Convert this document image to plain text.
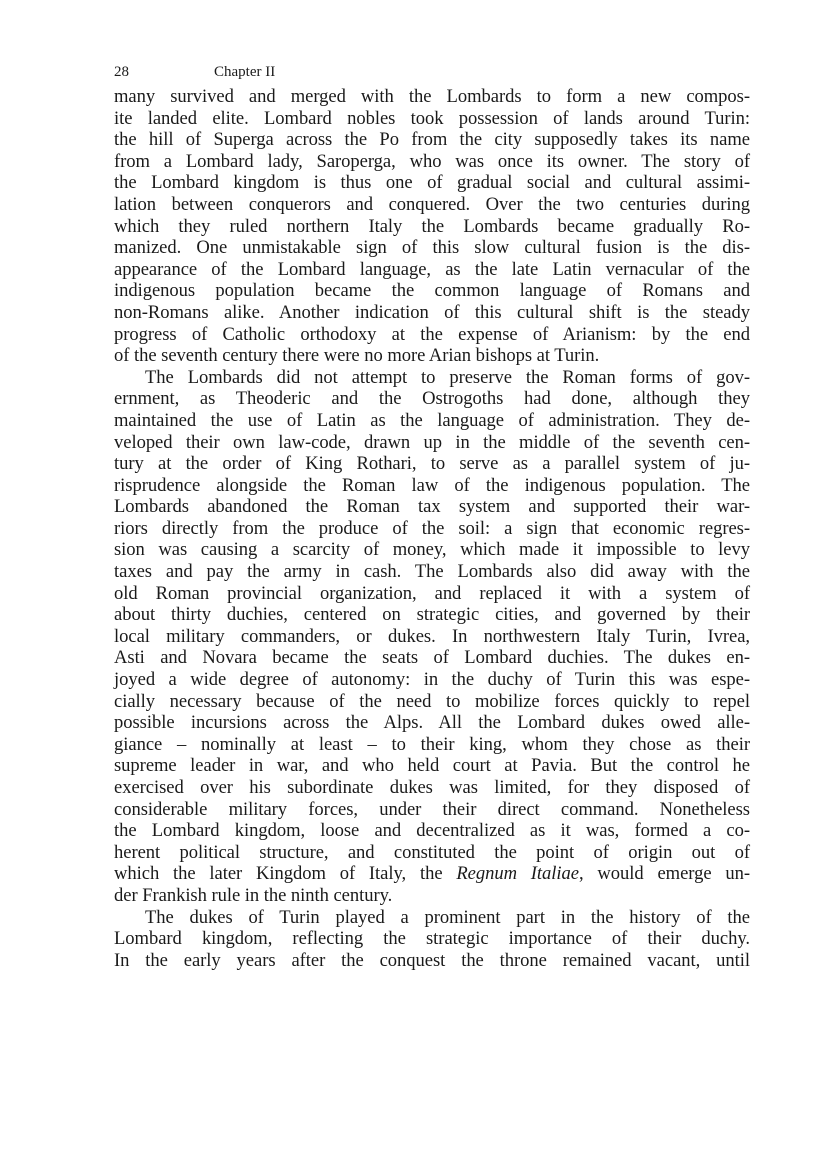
28	Chapter II
many survived and merged with the Lombards to form a new compos-
ite landed elite. Lombard nobles took possession of lands around Turin:
the hill of Superga across the Po from the city supposedly takes its name
from a Lombard lady, Saroperga, who was once its owner. The story of
the Lombard kingdom is thus one of gradual social and cultural assimi-
lation between conquerors and conquered. Over the two centuries during
which they ruled northern Italy the Lombards became gradually Ro-
manized. One unmistakable sign of this slow cultural fusion is the dis-
appearance of the Lombard language, as the late Latin vernacular of the
indigenous population became the common language of Romans and
non-Romans alike. Another indication of this cultural shift is the steady
progress of Catholic orthodoxy at the expense of Arianism: by the end
of the seventh century there were no more Arian bishops at Turin.
The Lombards did not attempt to preserve the Roman forms of gov-
ernment, as Theoderic and the Ostrogoths had done, although they
maintained the use of Latin as the language of administration. They de-
veloped their own law-code, drawn up in the middle of the seventh cen-
tury at the order of King Rothari, to serve as a parallel system of ju-
risprudence alongside the Roman law of the indigenous population. The
Lombards abandoned the Roman tax system and supported their war-
riors directly from the produce of the soil: a sign that economic regres-
sion was causing a scarcity of money, which made it impossible to levy
taxes and pay the army in cash. The Lombards also did away with the
old Roman provincial organization, and replaced it with a system of
about thirty duchies, centered on strategic cities, and governed by their
local military commanders, or dukes. In northwestern Italy Turin, Ivrea,
Asti and Novara became the seats of Lombard duchies. The dukes en-
joyed a wide degree of autonomy: in the duchy of Turin this was espe-
cially necessary because of the need to mobilize forces quickly to repel
possible incursions across the Alps. All the Lombard dukes owed alle-
giance – nominally at least – to their king, whom they chose as their
supreme leader in war, and who held court at Pavia. But the control he
exercised over his subordinate dukes was limited, for they disposed of
considerable military forces, under their direct command. Nonetheless
the Lombard kingdom, loose and decentralized as it was, formed a co-
herent political structure, and constituted the point of origin out of
which the later Kingdom of Italy, the Regnum Italiae, would emerge un-
der Frankish rule in the ninth century.
The dukes of Turin played a prominent part in the history of the
Lombard kingdom, reflecting the strategic importance of their duchy.
In the early years after the conquest the throne remained vacant, until
